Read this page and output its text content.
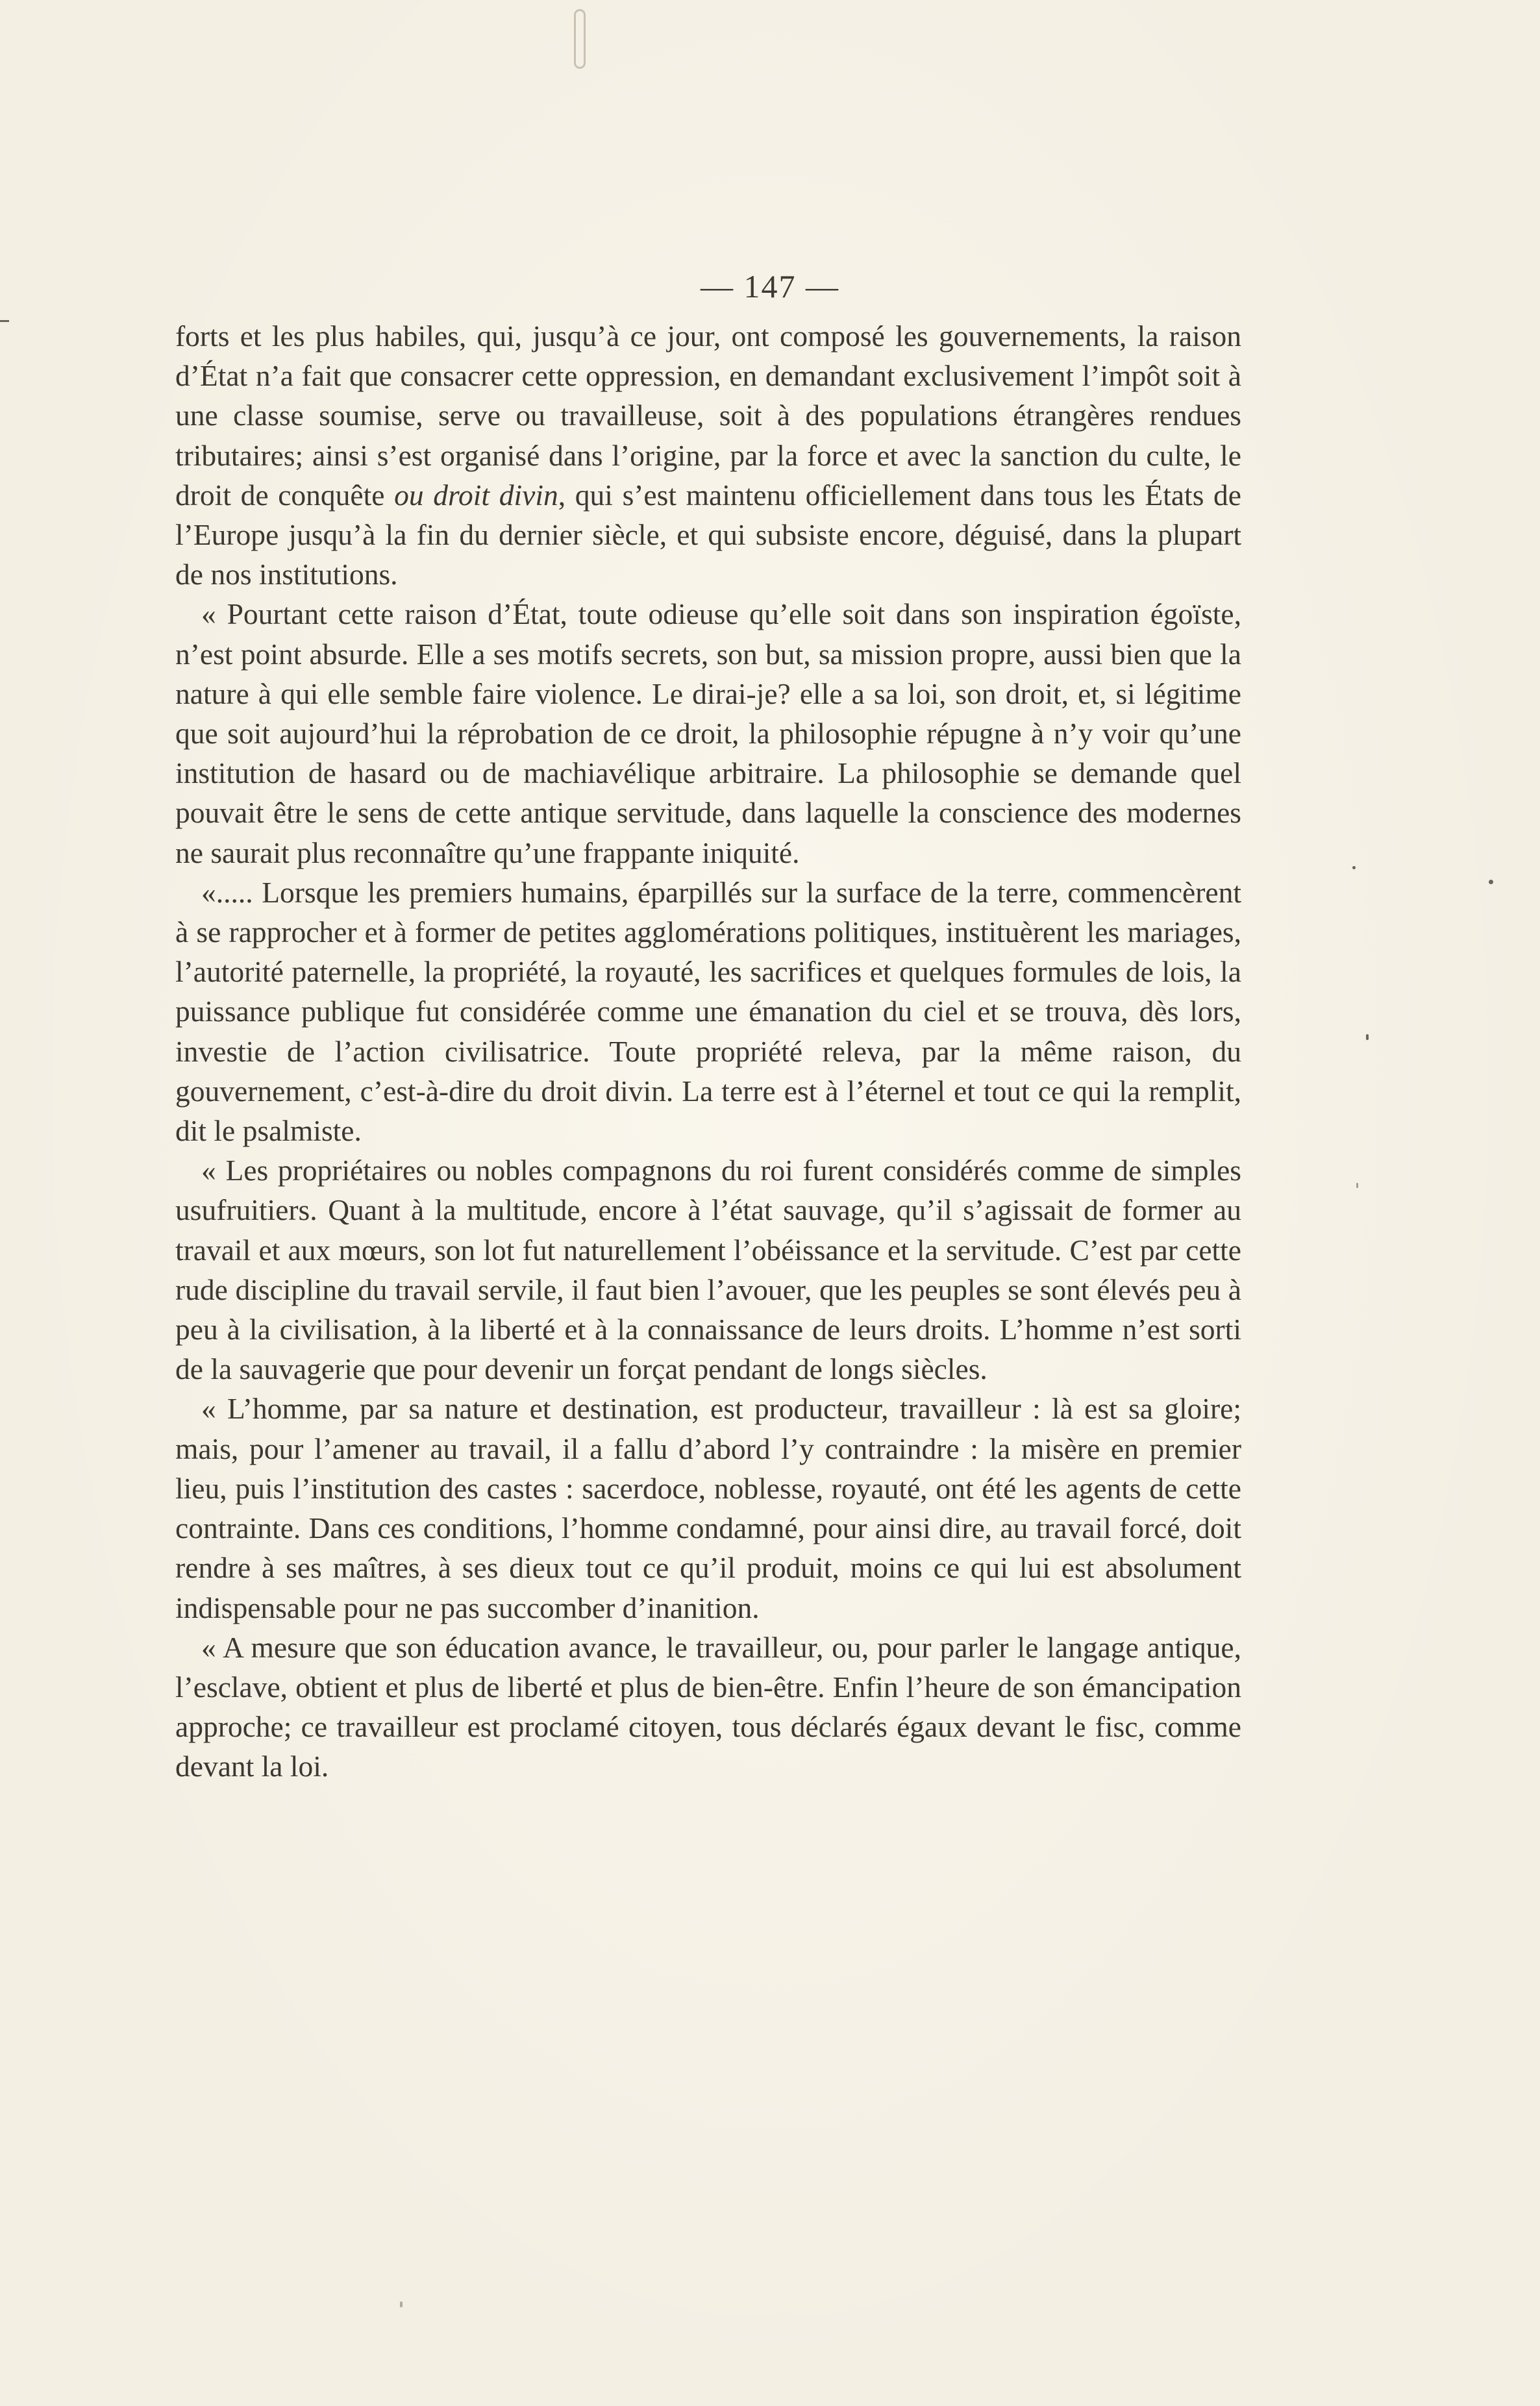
— 147 —

forts et les plus habiles, qui, jusqu’à ce jour, ont composé les gouvernements, la raison d’État n’a fait que consacrer cette oppression, en demandant exclusivement l’impôt soit à une classe soumise, serve ou travailleuse, soit à des populations étrangères rendues tributaires; ainsi s’est organisé dans l’origine, par la force et avec la sanction du culte, le droit de conquête ou droit divin, qui s’est maintenu officiellement dans tous les États de l’Europe jusqu’à la fin du dernier siècle, et qui subsiste encore, déguisé, dans la plupart de nos institutions.

« Pourtant cette raison d’État, toute odieuse qu’elle soit dans son inspiration égoïste, n’est point absurde. Elle a ses motifs secrets, son but, sa mission propre, aussi bien que la nature à qui elle semble faire violence. Le dirai-je? elle a sa loi, son droit, et, si légitime que soit aujourd’hui la réprobation de ce droit, la philosophie répugne à n’y voir qu’une institution de hasard ou de machiavélique arbitraire. La philosophie se demande quel pouvait être le sens de cette antique servitude, dans laquelle la conscience des modernes ne saurait plus reconnaître qu’une frappante iniquité.

«..... Lorsque les premiers humains, éparpillés sur la surface de la terre, commencèrent à se rapprocher et à former de petites agglomérations politiques, instituèrent les mariages, l’autorité paternelle, la propriété, la royauté, les sacrifices et quelques formules de lois, la puissance publique fut considérée comme une émanation du ciel et se trouva, dès lors, investie de l’action civilisatrice. Toute propriété releva, par la même raison, du gouvernement, c’est-à-dire du droit divin. La terre est à l’éternel et tout ce qui la remplit, dit le psalmiste.

« Les propriétaires ou nobles compagnons du roi furent considérés comme de simples usufruitiers. Quant à la multitude, encore à l’état sauvage, qu’il s’agissait de former au travail et aux mœurs, son lot fut naturellement l’obéissance et la servitude. C’est par cette rude discipline du travail servile, il faut bien l’avouer, que les peuples se sont élevés peu à peu à la civilisation, à la liberté et à la connaissance de leurs droits. L’homme n’est sorti de la sauvagerie que pour devenir un forçat pendant de longs siècles.

« L’homme, par sa nature et destination, est producteur, travailleur : là est sa gloire; mais, pour l’amener au travail, il a fallu d’abord l’y contraindre : la misère en premier lieu, puis l’institution des castes : sacerdoce, noblesse, royauté, ont été les agents de cette contrainte. Dans ces conditions, l’homme condamné, pour ainsi dire, au travail forcé, doit rendre à ses maîtres, à ses dieux tout ce qu’il produit, moins ce qui lui est absolument indispensable pour ne pas succomber d’inanition.

« A mesure que son éducation avance, le travailleur, ou, pour parler le langage antique, l’esclave, obtient et plus de liberté et plus de bien-être. Enfin l’heure de son émancipation approche; ce travailleur est proclamé citoyen, tous déclarés égaux devant le fisc, comme devant la loi.
